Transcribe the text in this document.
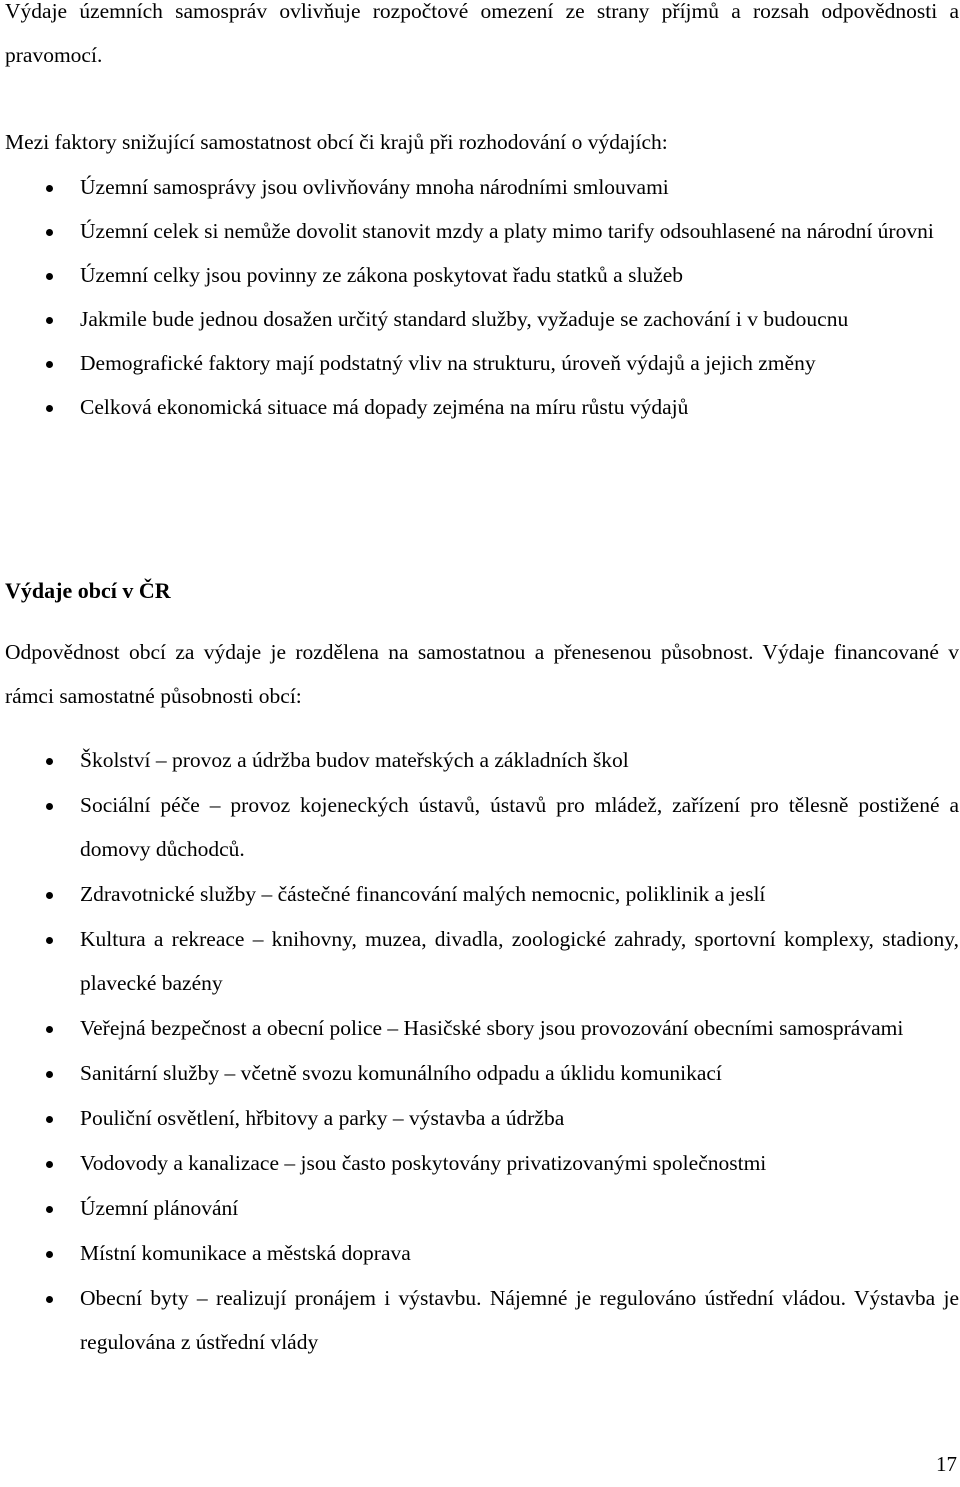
Výdaje územních samospráv ovlivňuje rozpočtové omezení ze strany příjmů a rozsah odpovědnosti a pravomocí.

Mezi faktory snižující samostatnost obcí či krajů při rozhodování o výdajích:

Územní samosprávy jsou ovlivňovány mnoha národními smlouvami
Územní celek si nemůže dovolit stanovit mzdy a platy mimo tarify odsouhlasené na národní úrovni
Územní celky jsou povinny ze zákona poskytovat řadu statků a služeb
Jakmile bude jednou dosažen určitý standard služby, vyžaduje se zachování i v budoucnu
Demografické faktory mají podstatný vliv na strukturu, úroveň výdajů a jejich změny
Celková ekonomická situace má dopady zejména na míru růstu výdajů
Výdaje obcí v ČR

Odpovědnost obcí za výdaje je rozdělena na samostatnou a přenesenou působnost. Výdaje financované v rámci samostatné působnosti obcí:

Školství – provoz a údržba budov mateřských a základních škol
Sociální péče – provoz kojeneckých ústavů, ústavů pro mládež, zařízení pro tělesně postižené a domovy důchodců.
Zdravotnické služby – částečné financování malých nemocnic, poliklinik a jeslí
Kultura a rekreace – knihovny, muzea, divadla, zoologické zahrady, sportovní komplexy, stadiony, plavecké bazény
Veřejná bezpečnost a obecní police – Hasičské sbory jsou provozování obecními samosprávami
Sanitární služby – včetně svozu komunálního odpadu a úklidu komunikací
Pouliční osvětlení, hřbitovy a parky – výstavba a údržba
Vodovody a kanalizace – jsou často poskytovány privatizovanými společnostmi
Územní plánování
Místní komunikace a městská doprava
Obecní byty – realizují pronájem i výstavbu. Nájemné je regulováno ústřední vládou. Výstavba je regulována z ústřední vlády
17
